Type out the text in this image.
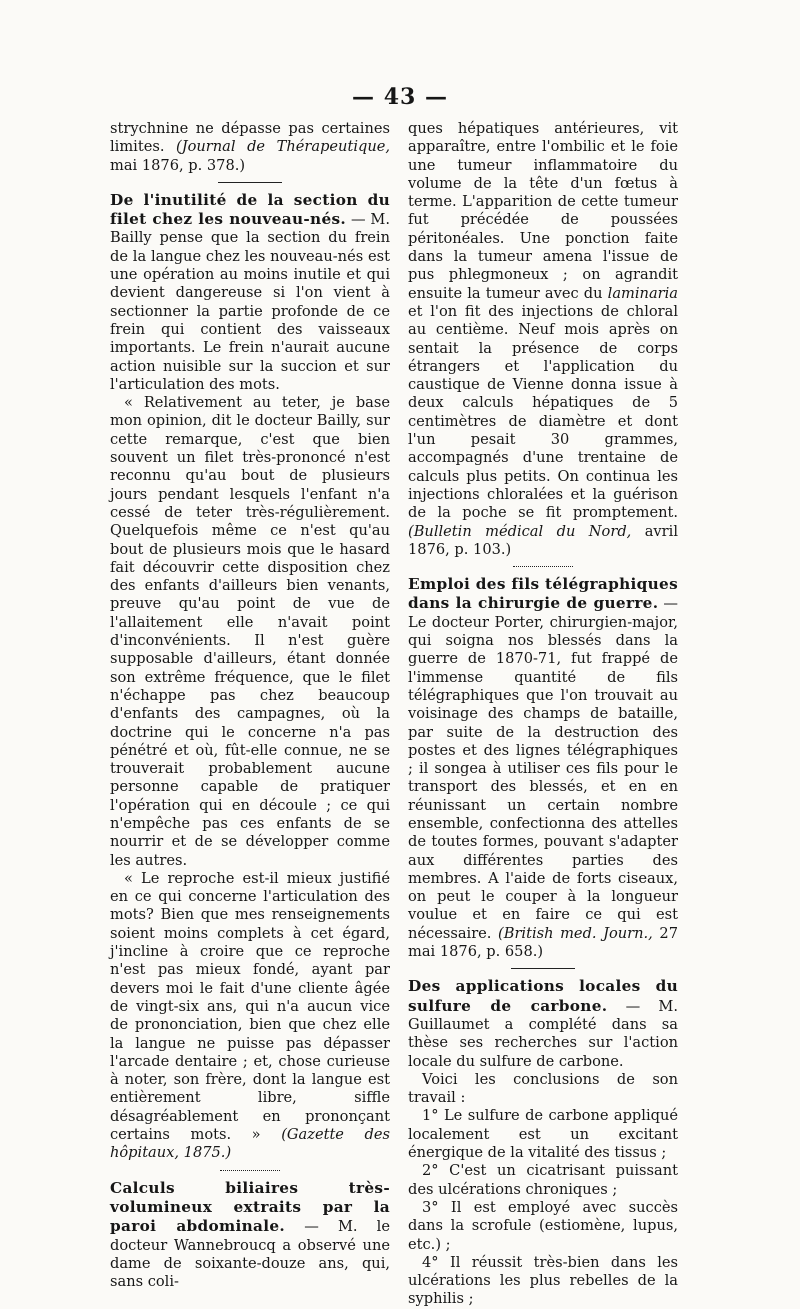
— 43 —

strychnine ne dépasse pas certaines limites. (Journal de Thérapeutique, mai 1876, p. 378.)

De l'inutilité de la section du filet chez les nouveau-nés. — M. Bailly pense que la section du frein de la langue chez les nouveau-nés est une opération au moins inutile et qui devient dangereuse si l'on vient à sectionner la partie profonde de ce frein qui contient des vaisseaux importants. Le frein n'aurait aucune action nuisible sur la succion et sur l'articulation des mots.

« Relativement au teter, je base mon opinion, dit le docteur Bailly, sur cette remarque, c'est que bien souvent un filet très-prononcé n'est reconnu qu'au bout de plusieurs jours pendant lesquels l'enfant n'a cessé de teter très-régulièrement. Quelquefois même ce n'est qu'au bout de plusieurs mois que le hasard fait découvrir cette disposition chez des enfants d'ailleurs bien venants, preuve qu'au point de vue de l'allaitement elle n'avait point d'inconvénients. Il n'est guère supposable d'ailleurs, étant donnée son extrême fréquence, que le filet n'échappe pas chez beaucoup d'enfants des campagnes, où la doctrine qui le concerne n'a pas pénétré et où, fût-elle connue, ne se trouverait probablement aucune personne capable de pratiquer l'opération qui en découle ; ce qui n'empêche pas ces enfants de se nourrir et de se développer comme les autres.

« Le reproche est-il mieux justifié en ce qui concerne l'articulation des mots? Bien que mes renseignements soient moins complets à cet égard, j'incline à croire que ce reproche n'est pas mieux fondé, ayant par devers moi le fait d'une cliente âgée de vingt-six ans, qui n'a aucun vice de prononciation, bien que chez elle la langue ne puisse pas dépasser l'arcade dentaire ; et, chose curieuse à noter, son frère, dont la langue est entièrement libre, siffle désagréablement en prononçant certains mots. » (Gazette des hôpitaux, 1875.)

Calculs biliaires très-volumineux extraits par la paroi abdominale. — M. le docteur Wannebroucq a observé une dame de soixante-douze ans, qui, sans coli-

ques hépatiques antérieures, vit apparaître, entre l'ombilic et le foie une tumeur inflammatoire du volume de la tête d'un fœtus à terme. L'apparition de cette tumeur fut précédée de poussées péritonéales. Une ponction faite dans la tumeur amena l'issue de pus phlegmoneux ; on agrandit ensuite la tumeur avec du laminaria et l'on fit des injections de chloral au centième. Neuf mois après on sentait la présence de corps étrangers et l'application du caustique de Vienne donna issue à deux calculs hépatiques de 5 centimètres de diamètre et dont l'un pesait 30 grammes, accompagnés d'une trentaine de calculs plus petits. On continua les injections chloralées et la guérison de la poche se fit promptement. (Bulletin médical du Nord, avril 1876, p. 103.)

Emploi des fils télégraphiques dans la chirurgie de guerre. — Le docteur Porter, chirurgien-major, qui soigna nos blessés dans la guerre de 1870-71, fut frappé de l'immense quantité de fils télégraphiques que l'on trouvait au voisinage des champs de bataille, par suite de la destruction des postes et des lignes télégraphiques ; il songea à utiliser ces fils pour le transport des blessés, et en en réunissant un certain nombre ensemble, confectionna des attelles de toutes formes, pouvant s'adapter aux différentes parties des membres. A l'aide de forts ciseaux, on peut le couper à la longueur voulue et en faire ce qui est nécessaire. (British med. Journ., 27 mai 1876, p. 658.)

Des applications locales du sulfure de carbone. — M. Guillaumet a complété dans sa thèse ses recherches sur l'action locale du sulfure de carbone.

Voici les conclusions de son travail :

1° Le sulfure de carbone appliqué localement est un excitant énergique de la vitalité des tissus ;

2° C'est un cicatrisant puissant des ulcérations chroniques ;

3° Il est employé avec succès dans la scrofule (estiomène, lupus, etc.) ;

4° Il réussit très-bien dans les ulcérations les plus rebelles de la syphilis ;
